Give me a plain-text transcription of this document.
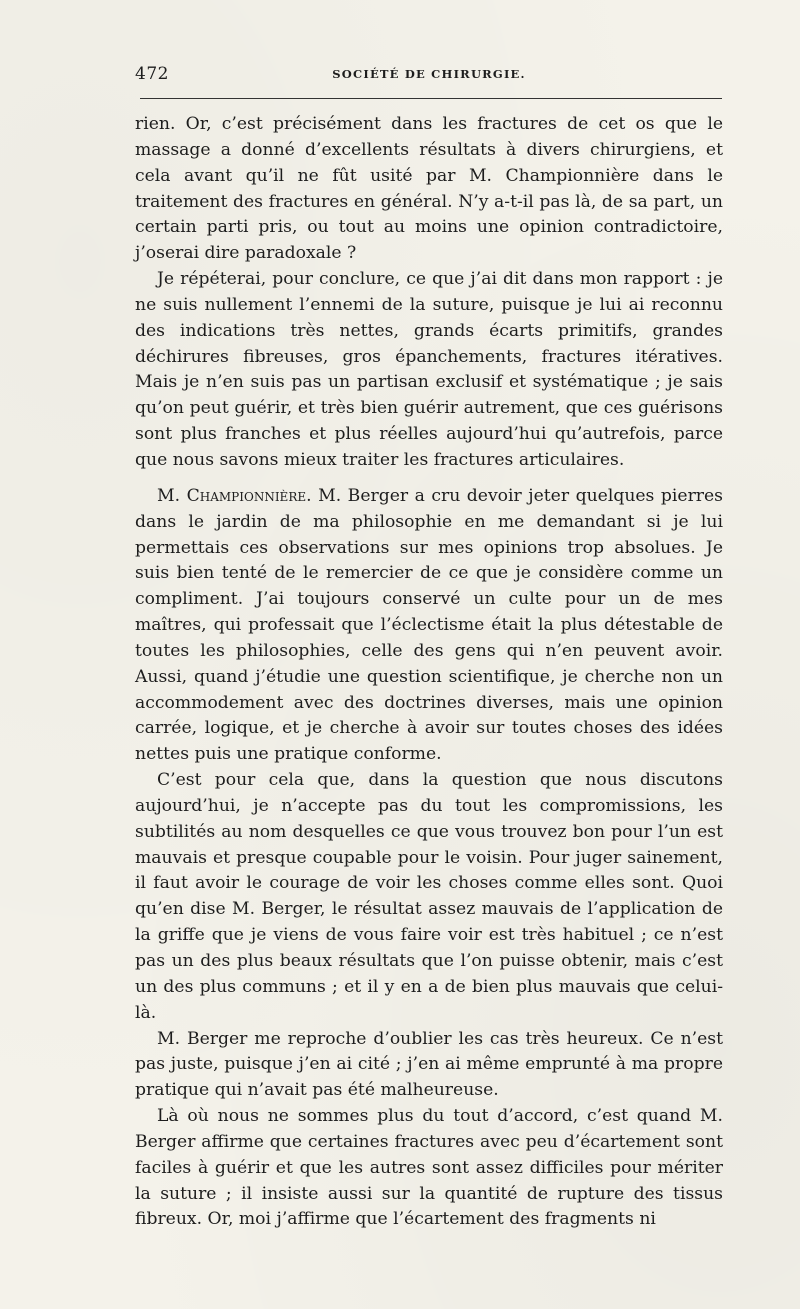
472	SOCIÉTÉ DE CHIRURGIE.

rien. Or, c’est précisément dans les fractures de cet os que le massage a donné d’excellents résultats à divers chirurgiens, et cela avant qu’il ne fût usité par M. Championnière dans le traitement des fractures en général. N’y a-t-il pas là, de sa part, un certain parti pris, ou tout au moins une opinion contradictoire, j’oserai dire paradoxale ?

Je répéterai, pour conclure, ce que j’ai dit dans mon rapport : je ne suis nullement l’ennemi de la suture, puisque je lui ai reconnu des indications très nettes, grands écarts primitifs, grandes déchirures fibreuses, gros épanchements, fractures itératives. Mais je n’en suis pas un partisan exclusif et systématique ; je sais qu’on peut guérir, et très bien guérir autrement, que ces guérisons sont plus franches et plus réelles aujourd’hui qu’autrefois, parce que nous savons mieux traiter les fractures articulaires.

M. Championnière. M. Berger a cru devoir jeter quelques pierres dans le jardin de ma philosophie en me demandant si je lui permettais ces observations sur mes opinions trop absolues. Je suis bien tenté de le remercier de ce que je considère comme un compliment. J’ai toujours conservé un culte pour un de mes maîtres, qui professait que l’éclectisme était la plus détestable de toutes les philosophies, celle des gens qui n’en peuvent avoir. Aussi, quand j’étudie une question scientifique, je cherche non un accommodement avec des doctrines diverses, mais une opinion carrée, logique, et je cherche à avoir sur toutes choses des idées nettes puis une pratique conforme.

C’est pour cela que, dans la question que nous discutons aujourd’hui, je n’accepte pas du tout les compromissions, les subtilités au nom desquelles ce que vous trouvez bon pour l’un est mauvais et presque coupable pour le voisin. Pour juger sainement, il faut avoir le courage de voir les choses comme elles sont. Quoi qu’en dise M. Berger, le résultat assez mauvais de l’application de la griffe que je viens de vous faire voir est très habituel ; ce n’est pas un des plus beaux résultats que l’on puisse obtenir, mais c’est un des plus communs ; et il y en a de bien plus mauvais que celui-là.

M. Berger me reproche d’oublier les cas très heureux. Ce n’est pas juste, puisque j’en ai cité ; j’en ai même emprunté à ma propre pratique qui n’avait pas été malheureuse.

Là où nous ne sommes plus du tout d’accord, c’est quand M. Berger affirme que certaines fractures avec peu d’écartement sont faciles à guérir et que les autres sont assez difficiles pour mériter la suture ; il insiste aussi sur la quantité de rupture des tissus fibreux. Or, moi j’affirme que l’écartement des fragments ni
